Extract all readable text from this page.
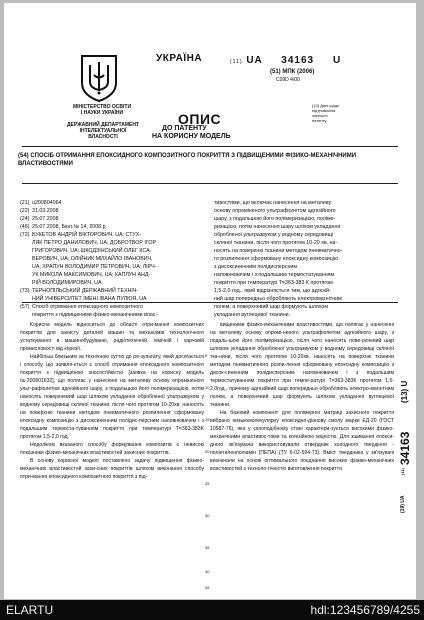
МІНІСТЕРСТВО ОСВІТИ
І НАУКИ УКРАЇНИ
ДЕРЖАВНИЙ ДЕПАРТАМЕНТ
ІНТЕЛЕКТУАЛЬНОЇ
ВЛАСНОСТІ
УКРАЇНА	(11) UA 34163 U
(51) МПК (2006)
C09D 4/00
(13) Дані щодо
підтримання
чинності
патенту
ОПИС
ДО ПАТЕНТУ
НА КОРИСНУ МОДЕЛЬ
(54) СПОСІБ ОТРИМАННЯ ЕПОКСИДНОГО КОМПОЗИТНОГО ПОКРИТТЯ З ПІДВИЩЕНИМИ ФІЗИКО-МЕХАНІЧНИМИ ВЛАСТИВОСТЯМИ
(21) u200804064
(22) 31.03.2008
(24) 25.07.2008
(46) 25.07.2008, Бюл.№ 14, 2008 р.
(72) БУКЕТОВ АНДРІЙ ВІКТОРОВИЧ, UA; СТУХ-
ЛЯК ПЕТРО ДАНИЛОВИЧ, UA; ДОБРОТВОР ІГОР
ГРИГОРОВИЧ, UA; ШКОДЗІНСЬКИЙ ОЛЕГ КСА-
ВЕРОВИЧ, UA; ОЛІЙНИК МИХАЙЛО ІВАНОВИЧ,
UA; ХРАПУН ВОЛОДИМИР ПЕТРОВИЧ, UA; ЛІРЧ-
УК МИКОЛА МАКСИМОВИЧ, UA; КАПЛУН АНД-
РІЙ ВОЛОДИМИРОВИЧ, UA
(73) ТЕРНОПІЛЬСЬКИЙ ДЕРЖАВНИЙ ТЕХНІЧ-
НИЙ УНІВЕРСИТЕТ ІМЕНІ ІВАНА ПУЛЮЯ, UA
(57) Спосіб отримання епоксидного композитного
покриття з підвищеними фізико-механічними влас-
тивостями, що включає нанесення на металеву
основу опроміненого ультрафіолетом адгезійного
шару, з подальшою його полімеризацією, поліме-
ризацією, потім нанесення шару шліхом укладання
обробленої ультразвуком у водному середовищі
скляної тканини, після чого протягом 10-20 хв. на-
носять на поверхню тканини методом пневматично-
го розпилення сформовану епоксидну композицію
з дисоксиненним полідисперсним
наповнювачем і з подальшим термостатуванням
покриття при температурі Т=363-383 К протягом
1,5-2,0 год., який відрізняється тим, що адгезій-
ний шар попередньо обробляють електромагнітним
полем, а поверхневий шар формують шляхом
укладання вуглецевої тканини.

Корисна модель відноситься до області отри-мання композитних покриттів для захисту деталей машин та механізмів технологічного устаткування в машинобудуванні, радіотехнічній, хімічній і харчовій промисловості від корозії.

Найбільш близьким за технічною суттю до ре-зультату, який досягається і способу, що заявля-ється є спосіб отримання епоксидного композитного покриття з підвищеною зносостійкістю [заявка на корисну модель №200801632], що полягає у нанесенні на металеву основу опроміненого ульт-рафіолетом адгезійного шару, з подальшою його полімеризацією, потім наносять поверхневий шар шляхом укладання обробленої ультразвуком у водному середовищі скляної тканини, після чого протягом 10-20хв. наносять на поверхню тканини методом пневматичного розпилення сформовану епоксидну композицію з дисоксиненним полідис-персним наповнювачем і з подальшим термоста-туванням покриття при температурі T=363-383K протягом 1,5-2,0 год.

Недоліком вказаного способу формування композитів є невисокі показники фізико-механічних властивостей захисних покриттів.

В основу корисної моделі поставлено задачу підвищення фізико-механічних властивостей захи-сних покриттів шляхом виконання способу отри-мання епоксидного композитного покриття з під-

5
10
15
20
25
30
35
40
45

вищеними фізико-механічними властивостями, що полягає у нанесенні на металеву основу опромі-неного ультрафіолетом адгезійного шару, з подаль-шою його полімеризацією, після чого наносять пове-рхневий шар шляхом укладання обробленої ультразвуком у водному середовищі скляної тка-нини, після чого протягом 10-20хв. наносять на поверхню тканини методом пневматичного розпи-лення сформовану епоксидну композицію з дисок-синенним полідисперсним наповнювачем і з подальшим термостатуванням покриття при темпе-ратурі Т=363-383К протягом 1,5-2,0год., причому адгезійний шар попередньо обробляють електро-магнітним полем, а поверхневий шар формують шляхом укладання вуглецевої тканини.

На базовий компонент для полімерної матриці захисного покриття вибрано низькомолекулярну епоксидно-діанову смолу марки ЕД-20 (ГОСТ 10587-76), яка у склоподібному стані характери-зується високими фізико-механічними властивос-тями та когезійною міцністю. Для зшивання епокси-дного зв'язувача використовували отвердник холодного твердіння - поліетиленполіамін (ПЕПА) (ТУ 6-02-594-73). Вміст твердника у зв'язувачі визначали на основі оптимального поєднання високих фізико-механічних властивостей з техноло-гічністю виготовлення покриття.

(19) UA
(11)
34163
(13) U
ELARTU	hdl:123456789/4255
